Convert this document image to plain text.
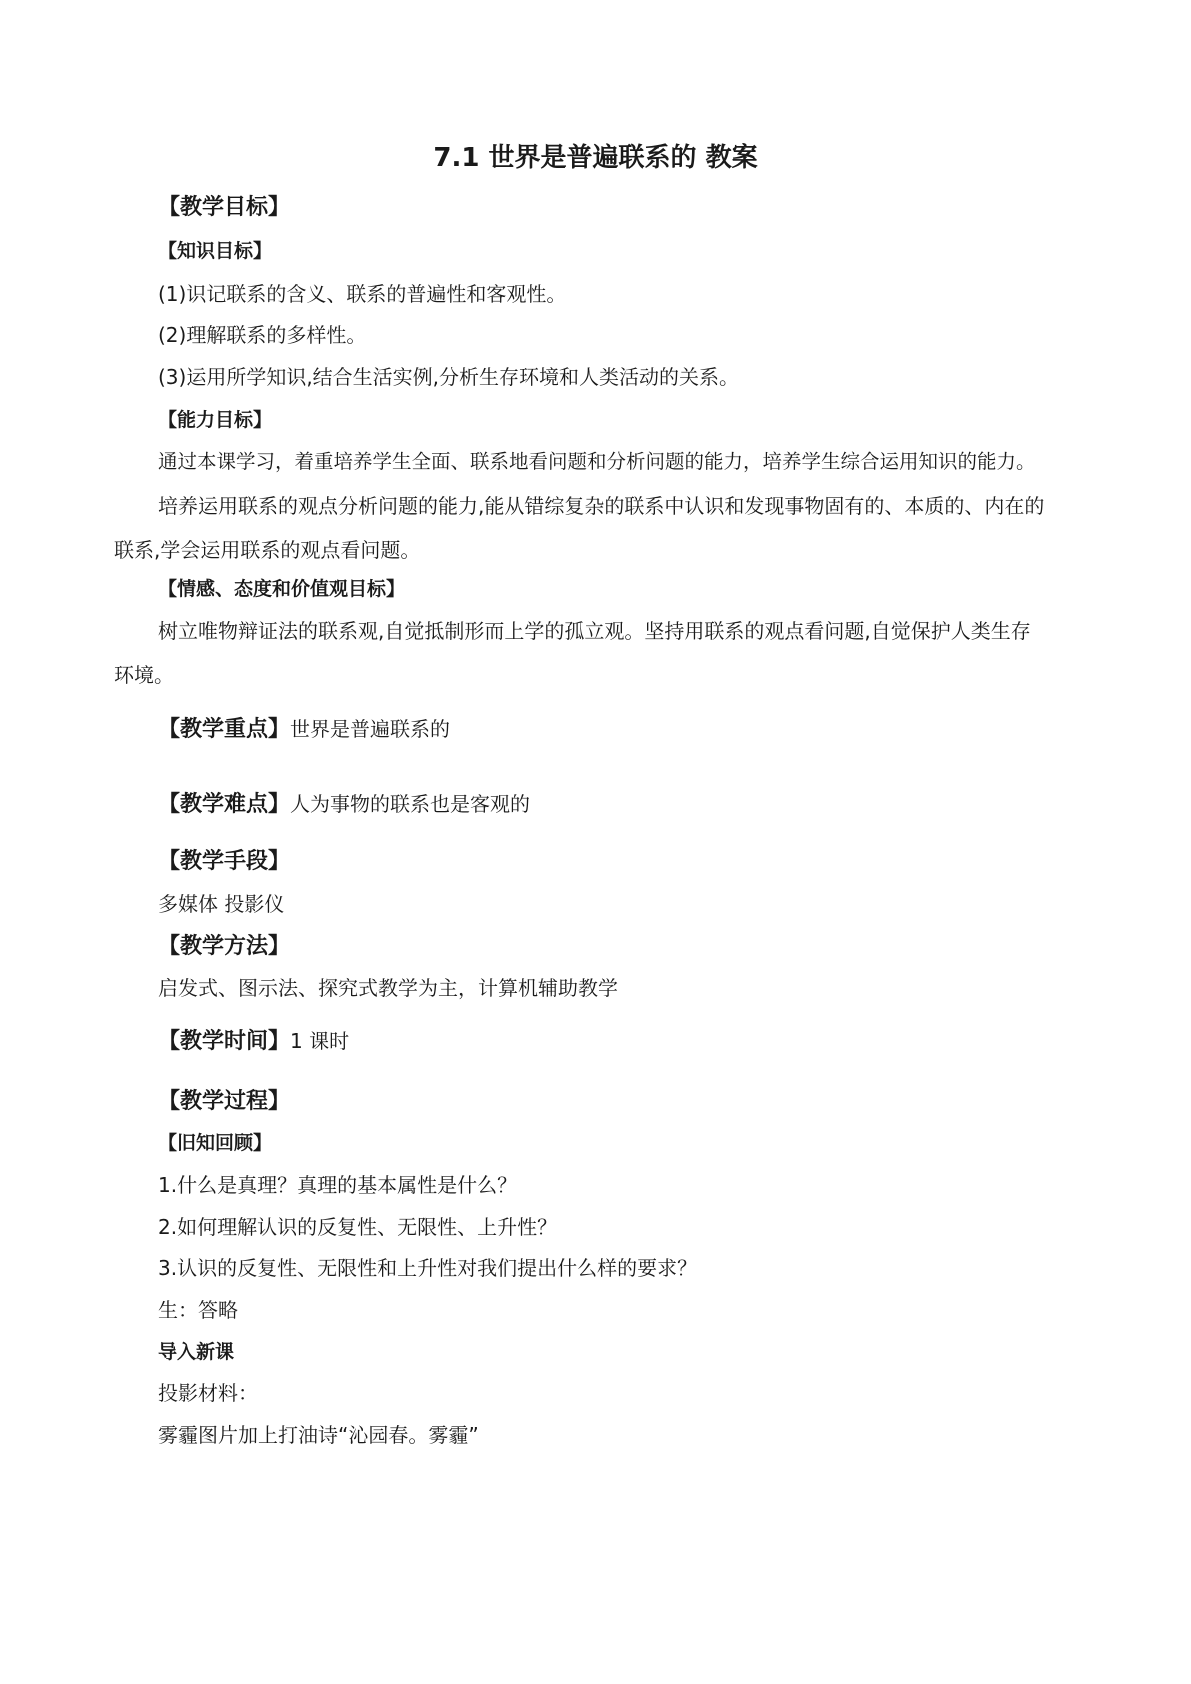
7.1 世界是普遍联系的 教案
【教学目标】
【知识目标】
(1)识记联系的含义、联系的普遍性和客观性。
(2)理解联系的多样性。
(3)运用所学知识,结合生活实例,分析生存环境和人类活动的关系。
【能力目标】
通过本课学习，着重培养学生全面、联系地看问题和分析问题的能力，培养学生综合运用知识的能力。
培养运用联系的观点分析问题的能力,能从错综复杂的联系中认识和发现事物固有的、本质的、内在的
联系,学会运用联系的观点看问题。
【情感、态度和价值观目标】
树立唯物辩证法的联系观,自觉抵制形而上学的孤立观。坚持用联系的观点看问题,自觉保护人类生存
环境。
【教学重点】世界是普遍联系的
【教学难点】人为事物的联系也是客观的
【教学手段】
多媒体 投影仪
【教学方法】
启发式、图示法、探究式教学为主，计算机辅助教学
【教学时间】1 课时
【教学过程】
【旧知回顾】
1.什么是真理？真理的基本属性是什么？
2.如何理解认识的反复性、无限性、上升性？
3.认识的反复性、无限性和上升性对我们提出什么样的要求？
生：答略
导入新课
投影材料：
雾霾图片加上打油诗“沁园春。雾霾”
